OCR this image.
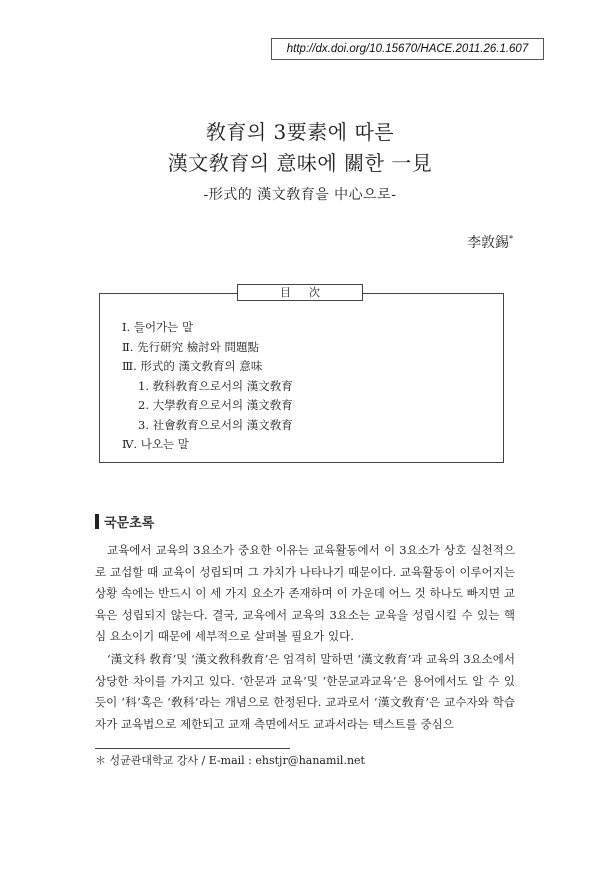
http://dx.doi.org/10.15670/HACE.2011.26.1.607
敎育의 3要素에 따른
漢文敎育의 意味에 關한 一見
-形式的 漢文敎育을 中心으로-
李敦錫*
目次
Ⅰ. 들어가는 말
Ⅱ. 先行研究 檢討와 問題點
Ⅲ. 形式的 漢文敎育의 意味
1. 敎科敎育으로서의 漢文敎育
2. 大學敎育으로서의 漢文敎育
3. 社會敎育으로서의 漢文敎育
Ⅳ. 나오는 말
국문초록

교육에서 교육의 3요소가 중요한 이유는 교육활동에서 이 3요소가 상호 실천적으로 교섭할 때 교육이 성립되며 그 가치가 나타나기 때문이다. 교육활동이 이루어지는 상황 속에는 반드시 이 세 가지 요소가 존재하며 이 가운데 어느 것 하나도 빠지면 교육은 성립되지 않는다. 결국, 교육에서 교육의 3요소는 교육을 성립시킬 수 있는 핵심 요소이기 때문에 세부적으로 살펴볼 필요가 있다.

‘漢文科 敎育’및 ‘漢文敎科敎育’은 엄격히 말하면 ‘漢文敎育’과 교육의 3요소에서 상당한 차이를 가지고 있다. ‘한문과 교육’및 ‘한문교과교육’은 용어에서도 알 수 있듯이 ‘科’혹은 ‘敎科’라는 개념으로 한정된다. 교과로서 ‘漢文敎育’은 교수자와 학습자가 교육법으로 제한되고 교재 측면에서도 교과서라는 텍스트를 중심으

＊ 성균관대학교 강사 / E-mail : ehstjr@hanamil.net
